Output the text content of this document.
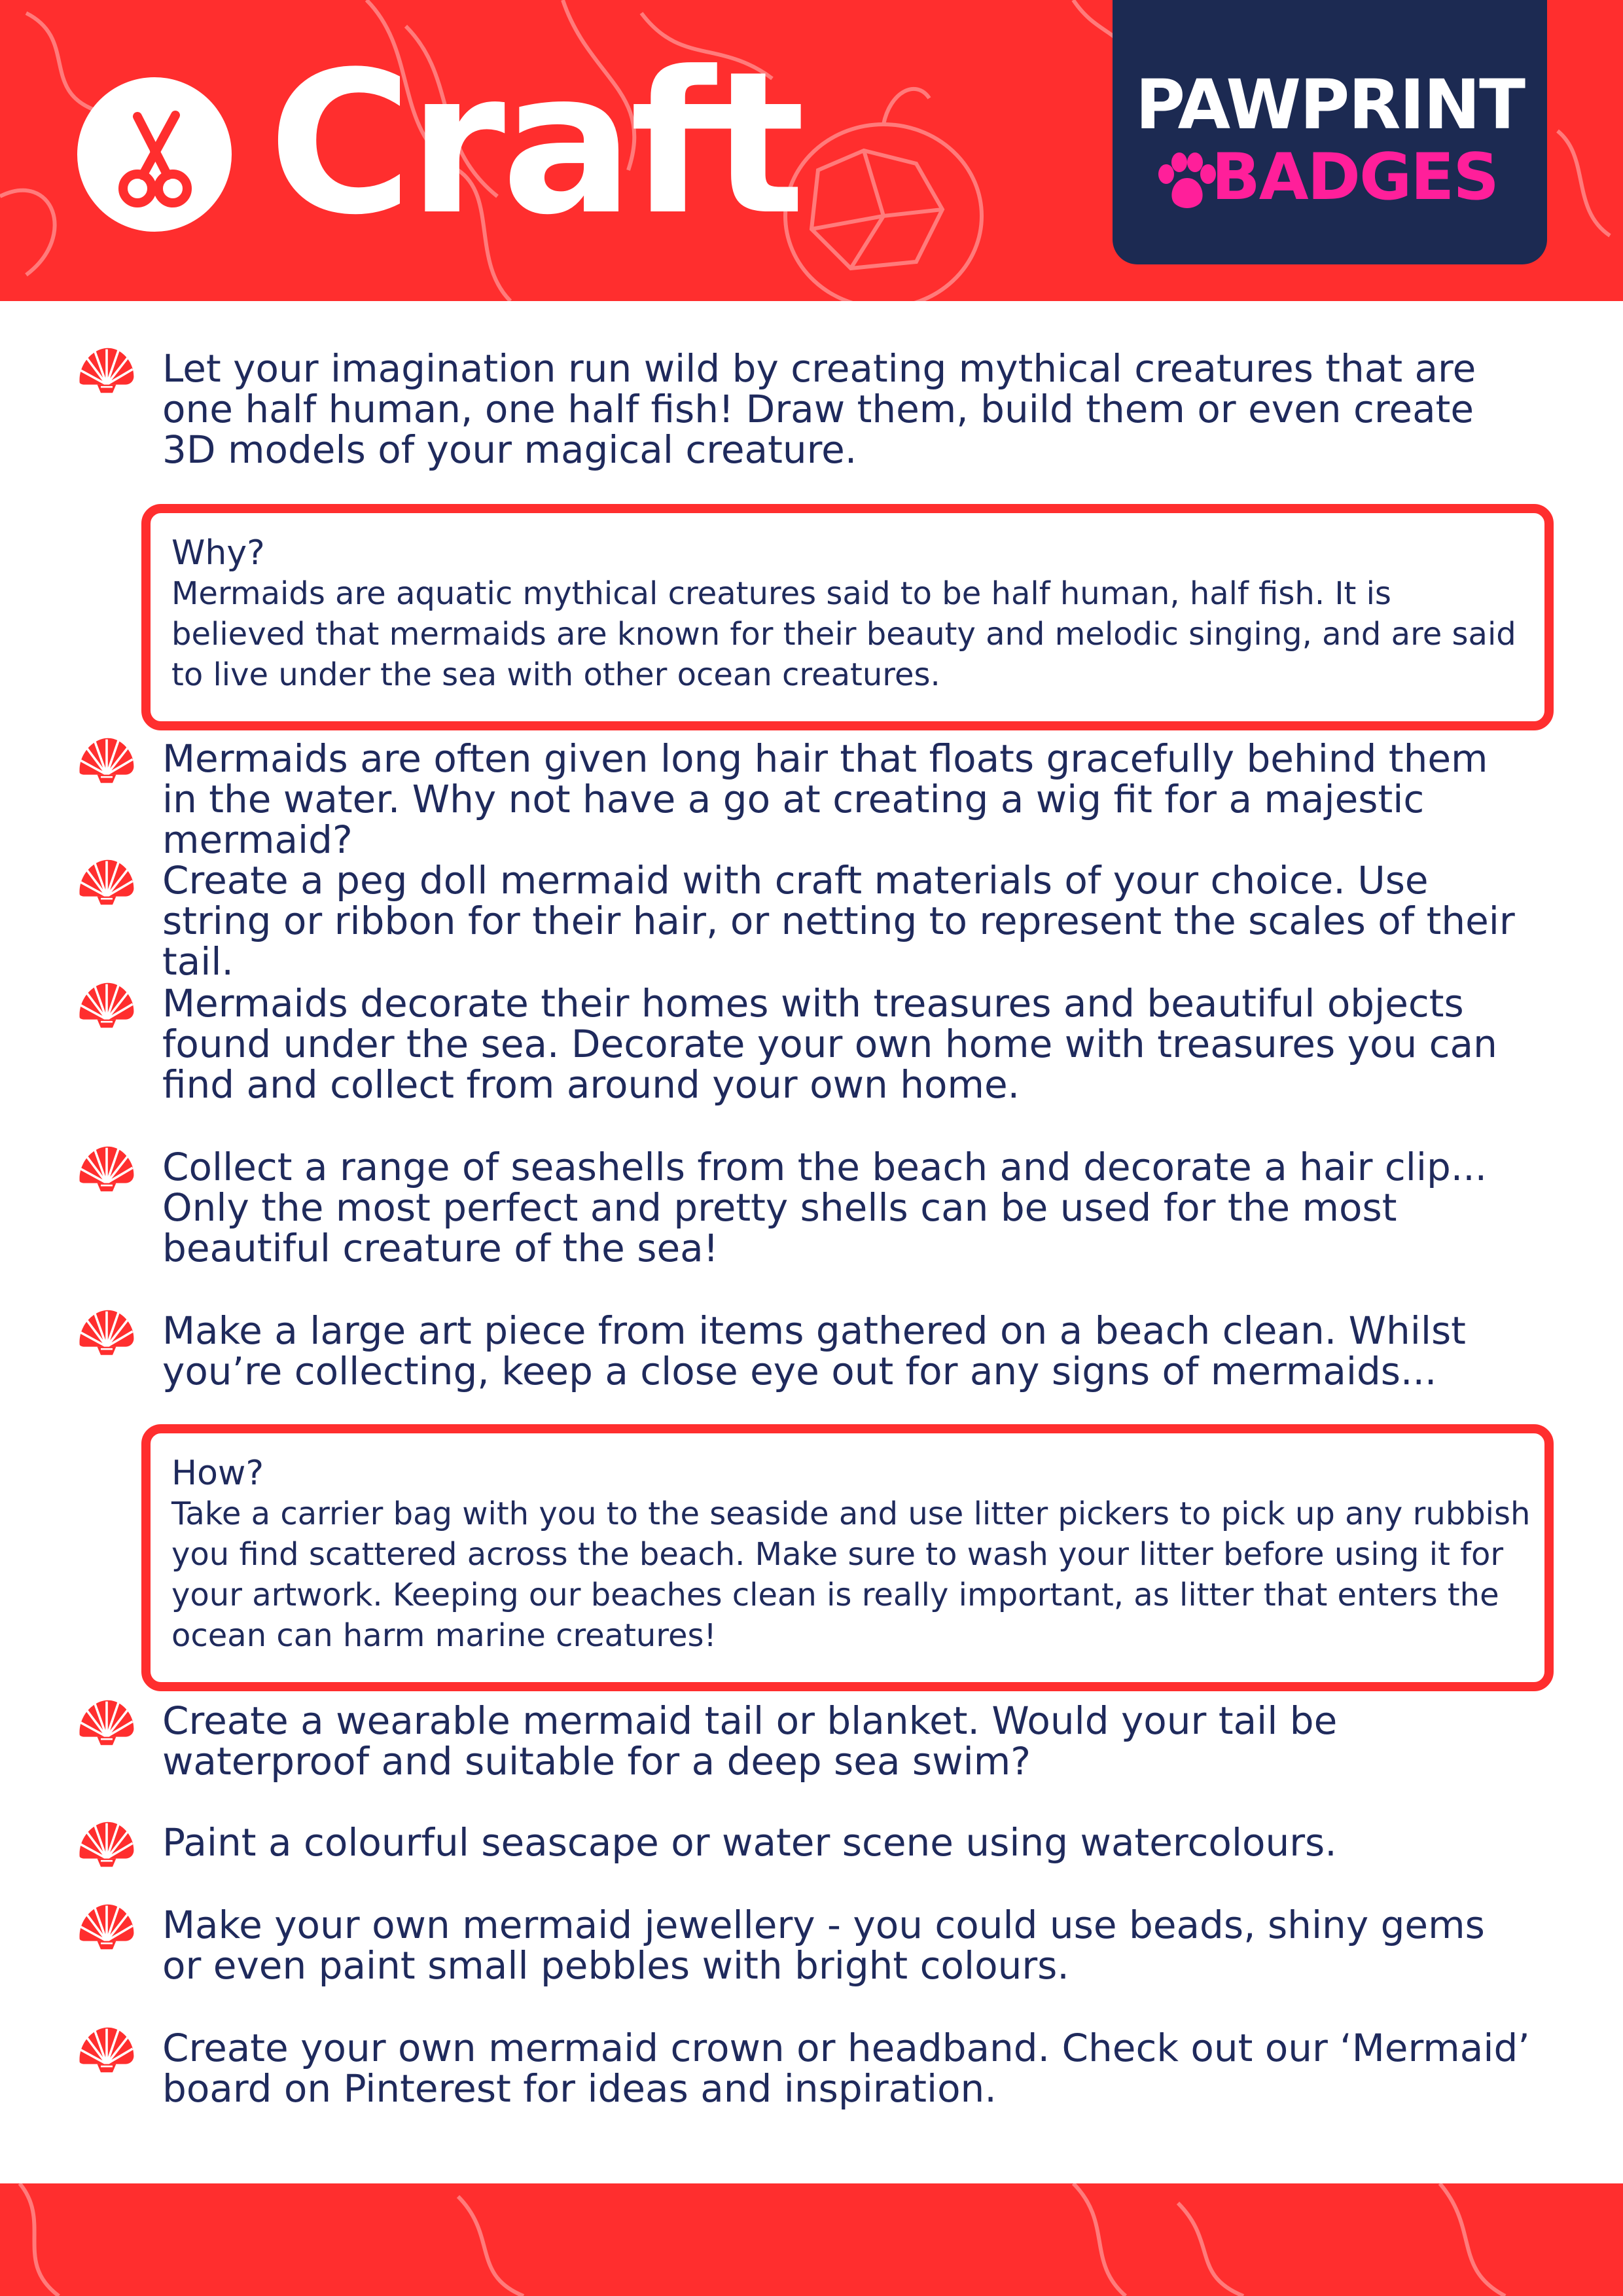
Craft	PAWPRINT
BADGES
Let your imagination run wild by creating mythical creatures that are one half human, one half fish! Draw them, build them or even create 3D models of your magical creature.
Why?
Mermaids are aquatic mythical creatures said to be half human, half fish. It is believed that mermaids are known for their beauty and melodic singing, and are said to live under the sea with other ocean creatures.
Mermaids are often given long hair that floats gracefully behind them in the water. Why not have a go at creating a wig fit for a majestic mermaid?
Create a peg doll mermaid with craft materials of your choice. Use string or ribbon for their hair, or netting to represent the scales of their tail.
Mermaids decorate their homes with treasures and beautiful objects found under the sea. Decorate your own home with treasures you can find and collect from around your own home.
Collect a range of seashells from the beach and decorate a hair clip... Only the most perfect and pretty shells can be used for the most beautiful creature of the sea!
Make a large art piece from items gathered on a beach clean. Whilst you’re collecting, keep a close eye out for any signs of mermaids...
How?
Take a carrier bag with you to the seaside and use litter pickers to pick up any rubbish you find scattered across the beach. Make sure to wash your litter before using it for your artwork. Keeping our beaches clean is really important, as litter that enters the ocean can harm marine creatures!
Create a wearable mermaid tail or blanket. Would your tail be waterproof and suitable for a deep sea swim?
Paint a colourful seascape or water scene using watercolours.
Make your own mermaid jewellery - you could use beads, shiny gems or even paint small pebbles with bright colours.
Create your own mermaid crown or headband. Check out our ‘Mermaid’ board on Pinterest for ideas and inspiration.
